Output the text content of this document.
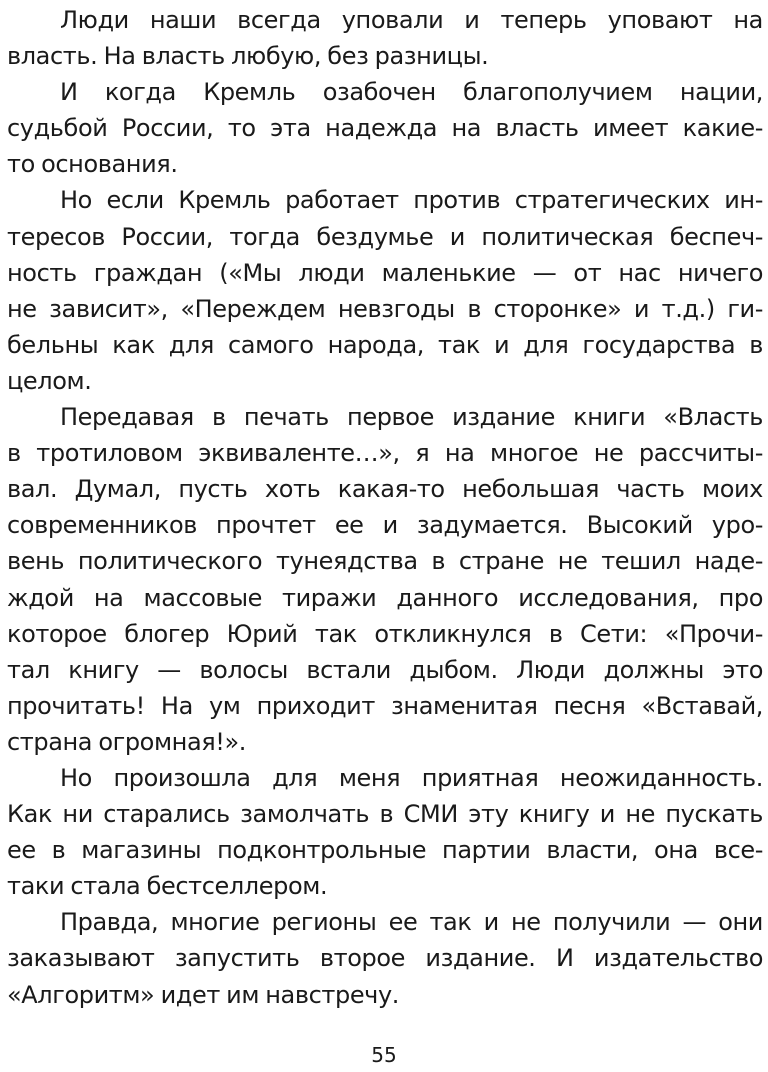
Люди наши всегда уповали и теперь уповают на
власть. На власть любую, без разницы.
И когда Кремль озабочен благополучием нации,
судьбой России, то эта надежда на власть имеет какие-
то основания.
Но если Кремль работает против стратегических ин-
тересов России, тогда бездумье и политическая беспеч-
ность граждан («Мы люди маленькие — от нас ничего
не зависит», «Переждем невзгоды в сторонке» и т.д.) ги-
бельны как для самого народа, так и для государства в
целом.
Передавая в печать первое издание книги «Власть
в тротиловом эквиваленте…», я на многое не рассчиты-
вал. Думал, пусть хоть какая-то небольшая часть моих
современников прочтет ее и задумается. Высокий уро-
вень политического тунеядства в стране не тешил наде-
ждой на массовые тиражи данного исследования, про
которое блогер Юрий так откликнулся в Сети: «Прочи-
тал книгу — волосы встали дыбом. Люди должны это
прочитать! На ум приходит знаменитая песня «Вставай,
страна огромная!».
Но произошла для меня приятная неожиданность.
Как ни старались замолчать в СМИ эту книгу и не пускать
ее в магазины подконтрольные партии власти, она все-
таки стала бестселлером.
Правда, многие регионы ее так и не получили — они
заказывают запустить второе издание. И издательство
«Алгоритм» идет им навстречу.
55
